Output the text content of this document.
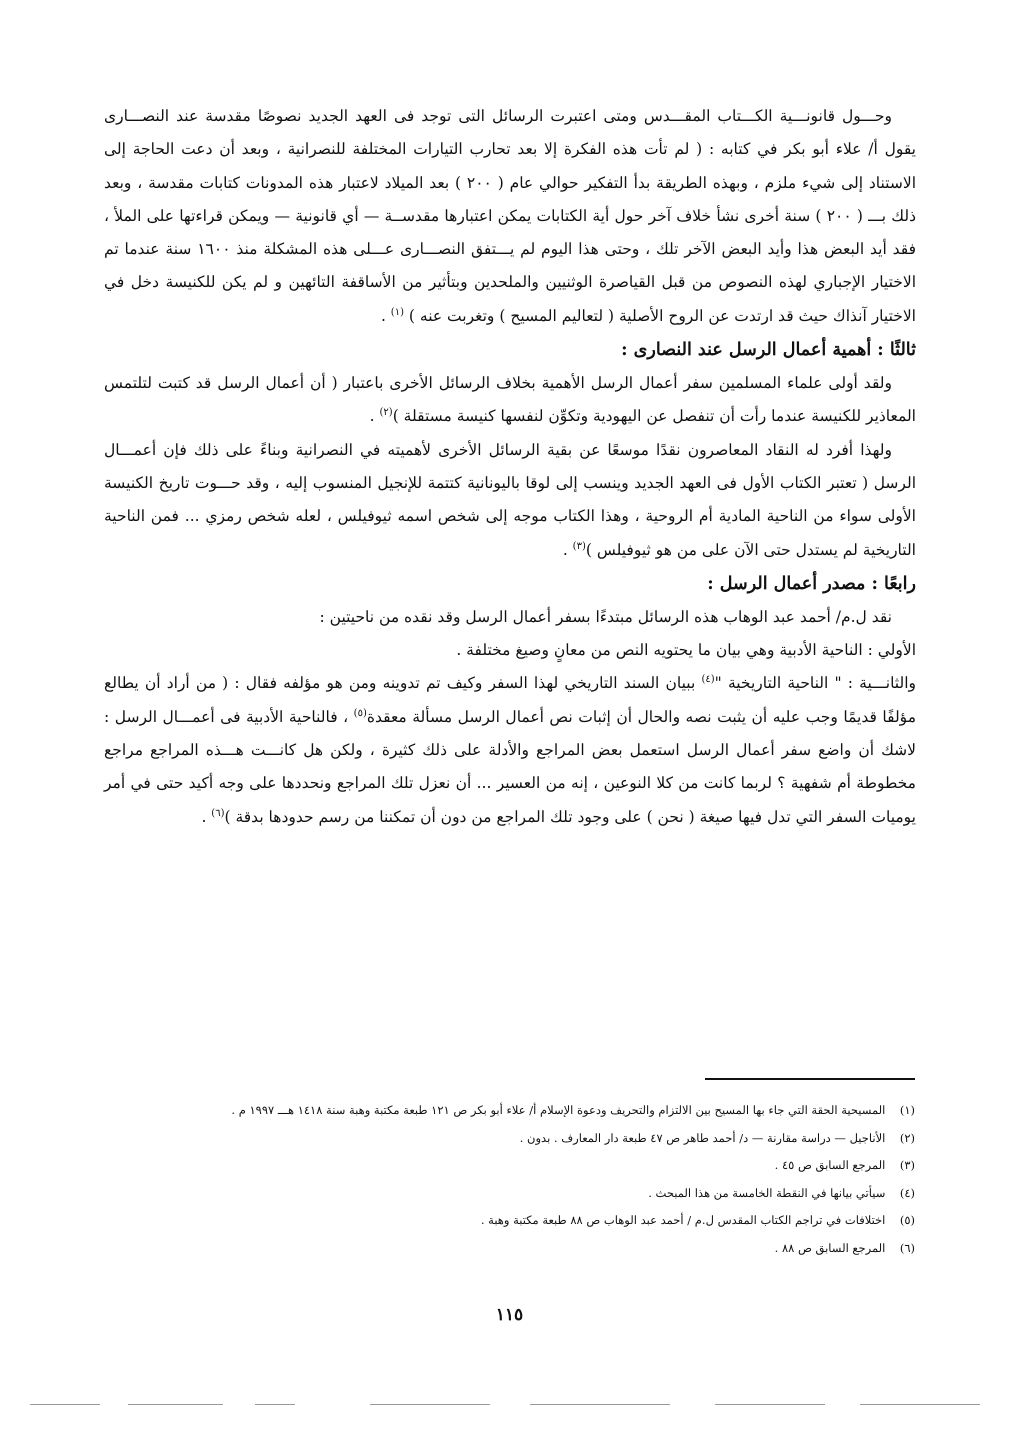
وحـــول قانونـــية الكـــتاب المقـــدس ومتى اعتبرت الرسائل التى توجد فى العهد الجديد نصوصًا مقدسة عند النصـــارى يقول أ/ علاء أبو بكر في كتابه : ( لم تأت هذه الفكرة إلا بعد تحارب التيارات المختلفة للنصرانية ، وبعد أن دعت الحاجة إلى الاستناد إلى شيء ملزم ، وبهذه الطريقة بدأ التفكير حوالي عام ( ٢٠٠ ) بعد الميلاد لاعتبار هذه المدونات كتابات مقدسة ، وبعد ذلك بـــ ( ٢٠٠ ) سنة أخرى نشأ خلاف آخر حول أية الكتابات يمكن اعتبارها مقدســة — أي قانونية — ويمكن قراءتها على الملأ ، فقد أيد البعض هذا وأيد البعض الآخر تلك ، وحتى هذا اليوم لم يـــتفق النصـــارى عـــلى هذه المشكلة منذ ١٦٠٠ سنة عندما تم الاختيار الإجباري لهذه النصوص من قبل القياصرة الوثنيين والملحدين وبتأثير من الأساقفة التائهين و لم يكن للكنيسة دخل في الاختيار آنذاك حيث قد ارتدت عن الروح الأصلية ( لتعاليم المسيح ) وتغربت عنه ) $^{(١)}$ .

ثالثًا : أهمية أعمال الرسل عند النصارى :

ولقد أولى علماء المسلمين سفر أعمال الرسل الأهمية بخلاف الرسائل الأخرى باعتبار ( أن أعمال الرسل قد كتبت لتلتمس المعاذير للكنيسة عندما رأت أن تنفصل عن اليهودية وتكوِّن لنفسها كنيسة مستقلة )$^{(٢)}$ .

ولهذا أفرد له النقاد المعاصرون نقدًا موسعًا عن بقية الرسائل الأخرى لأهميته في النصرانية وبناءً على ذلك فإن أعمـــال الرسل ( تعتبر الكتاب الأول فى العهد الجديد وينسب إلى لوقا باليونانية كتتمة للإنجيل المنسوب إليه ، وقد حـــوت تاريخ الكنيسة الأولى سواء من الناحية المادية أم الروحية ، وهذا الكتاب موجه إلى شخص اسمه ثيوفيلس ، لعله شخص رمزي ... فمن الناحية التاريخية لم يستدل حتى الآن على من هو ثيوفيلس )$^{(٣)}$ .

رابعًا : مصدر أعمال الرسل :

نقد ل.م/ أحمد عبد الوهاب هذه الرسائل مبتدءًا بسفر أعمال الرسل وقد نقده من ناحيتين :

الأولي : الناحية الأدبية وهي بيان ما يحتويه النص من معانٍ وصيغ مختلفة .

والثانـــية : " الناحية التاريخية "$^{(٤)}$ ببيان السند التاريخي لهذا السفر وكيف تم تدوينه ومن هو مؤلفه فقال : ( من أراد أن يطالع مؤلفًا قديمًا وجب عليه أن يثبت نصه والحال أن إثبات نص أعمال الرسل مسألة معقدة$^{(٥)}$ ، فالناحية الأدبية فى أعمـــال الرسل : لاشك أن واضع سفر أعمال الرسل استعمل بعض المراجع والأدلة على ذلك كثيرة ، ولكن هل كانـــت هـــذه المراجع مراجع مخطوطة أم شفهية ؟ لربما كانت من كلا النوعين ، إنه من العسير ... أن نعزل تلك المراجع ونحددها على وجه أكيد حتى في أمر يوميات السفر التي تدل فيها صيغة ( نحن ) على وجود تلك المراجع من دون أن تمكننا من رسم حدودها بدقة )$^{(٦)}$ .

(١) المسيحية الحقة التي جاء بها المسيح بين الالتزام والتحريف ودعوة الإسلام أ/ علاء أبو بكر ص ١٢١ طبعة مكتبة وهبة سنة ١٤١٨ هـــ ١٩٩٧ م .

(٢) الأناجيل — دراسة مقارنة — د/ أحمد طاهر ص ٤٧ طبعة دار المعارف . بدون .

(٣) المرجع السابق ص ٤٥ .

(٤) سيأتي بيانها في النقطة الخامسة من هذا المبحث .

(٥) اختلافات في تراجم الكتاب المقدس ل.م / أحمد عبد الوهاب ص ٨٨ طبعة مكتبة وهبة .

(٦) المرجع السابق ص ٨٨ .

١١٥
